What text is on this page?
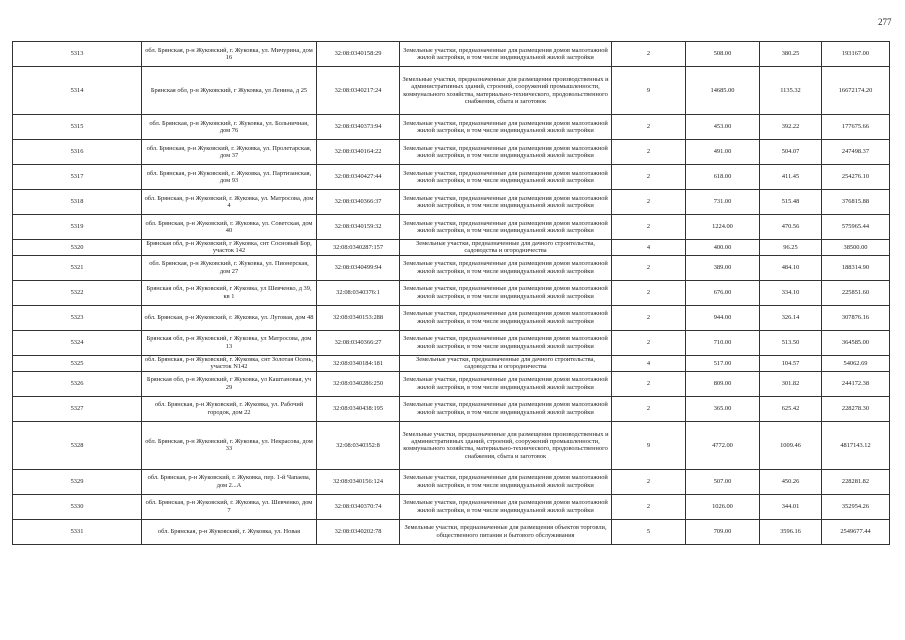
277
5313	обл. Брянская, р-н Жуковский, г. Жуковка, ул. Мичурина, дом 16	32:08:0340158:29	Земельные участки, предназначенные для размещения домов малоэтажной жилой застройки, в том числе индивидуальной жилой застройки	2	508.00	380.25	193167.00
5314	Брянская обл, р-н Жуковский, г Жуковка, ул Ленина, д 25	32:08:0340217:24	Земельные участки, предназначенные для размещения производственных и административных зданий, строений, сооружений промышленности, коммунального хозяйства, материально-технического, продовольственного снабжения, сбыта и заготовок	9	14685.00	1135.32	16672174.20
5315	обл. Брянская, р-н Жуковский, г. Жуковка, ул. Больничная, дом 76	32:08:0340373:94	Земельные участки, предназначенные для размещения домов малоэтажной жилой застройки, в том числе индивидуальной жилой застройки	2	453.00	392.22	177675.66
5316	обл. Брянская, р-н Жуковский, г. Жуковка, ул. Пролетарская, дом 37	32:08:0340164:22	Земельные участки, предназначенные для размещения домов малоэтажной жилой застройки, в том числе индивидуальной жилой застройки	2	491.00	504.07	247498.37
5317	обл. Брянская, р-н Жуковский, г. Жуковка, ул. Партизанская, дом 93	32:08:0340427:44	Земельные участки, предназначенные для размещения домов малоэтажной жилой застройки, в том числе индивидуальной жилой застройки	2	618.00	411.45	254276.10
5318	обл. Брянская, р-н Жуковский, г. Жуковка, ул. Матросова, дом 4	32:08:0340366:37	Земельные участки, предназначенные для размещения домов малоэтажной жилой застройки, в том числе индивидуальной жилой застройки	2	731.00	515.48	376815.88
5319	обл. Брянская, р-н Жуковский, г. Жуковка, ул. Советская, дом 40	32:08:0340159:32	Земельные участки, предназначенные для размещения домов малоэтажной жилой застройки, в том числе индивидуальной жилой застройки	2	1224.00	470.56	575965.44
5320	Брянская обл, р-н Жуковский, г Жуковка, снт Сосновый Бор, участок 142	32:08:0340287:157	Земельные участки, предназначенные для дачного строительства, садоводства и огородничества	4	400.00	96.25	38500.00
5321	обл. Брянская, р-н Жуковский, г. Жуковка, ул. Пионерская, дом 27	32:08:0340499:94	Земельные участки, предназначенные для размещения домов малоэтажной жилой застройки, в том числе индивидуальной жилой застройки	2	389.00	484.10	188314.90
5322	Брянская обл, р-н Жуковский, г Жуковка, ул Шевченко, д 39, кв 1	32:08:0340376:1	Земельные участки, предназначенные для размещения домов малоэтажной жилой застройки, в том числе индивидуальной жилой застройки	2	676.00	334.10	225851.60
5323	обл. Брянская, р-н Жуковский, г. Жуковка, ул. Луговая, дом 48	32:08:0340153:288	Земельные участки, предназначенные для размещения домов малоэтажной жилой застройки, в том числе индивидуальной жилой застройки	2	944.00	326.14	307876.16
5324	Брянская обл, р-н Жуковский, г Жуковка, ул Матросова, дом 13	32:08:0340366:27	Земельные участки, предназначенные для размещения домов малоэтажной жилой застройки, в том числе индивидуальной жилой застройки	2	710.00	513.50	364585.00
5325	обл. Брянская, р-н Жуковский, г. Жуковка, снт Золотая Осень, участок N142	32:08:0340184:181	Земельные участки, предназначенные для дачного строительства, садоводства и огородничества	4	517.00	104.57	54062.69
5326	Брянская обл, р-н Жуковский, г Жуковка, ул Каштановая, уч 29	32:08:0340286:250	Земельные участки, предназначенные для размещения домов малоэтажной жилой застройки, в том числе индивидуальной жилой застройки	2	809.00	301.82	244172.38
5327	обл. Брянская, р-н Жуковский, г. Жуковка, ул. Рабочий городок, дом 22	32:08:0340438:195	Земельные участки, предназначенные для размещения домов малоэтажной жилой застройки, в том числе индивидуальной жилой застройки	2	365.00	625.42	228278.30
5328	обл. Брянская, р-н Жуковский, г. Жуковка, ул. Некрасова, дом 33	32:08:0340352:8	Земельные участки, предназначенные для размещения производственных и административных зданий, строений, сооружений промышленности, коммунального хозяйства, материально-технического, продовольственного снабжения, сбыта и заготовок	9	4772.00	1009.46	4817143.12
5329	обл. Брянская, р-н Жуковский, г. Жуковка, пер. 1-й Чапаева, дом 2...А	32:08:0340156:124	Земельные участки, предназначенные для размещения домов малоэтажной жилой застройки, в том числе индивидуальной жилой застройки	2	507.00	450.26	228281.82
5330	обл. Брянская, р-н Жуковский, г. Жуковка, ул. Шевченко, дом 7	32:08:0340370:74	Земельные участки, предназначенные для размещения домов малоэтажной жилой застройки, в том числе индивидуальной жилой застройки	2	1026.00	344.01	352954.26
5331	обл. Брянская, р-н Жуковский, г. Жуковка, ул. Новая	32:08:0340202:78	Земельные участки, предназначенные для размещения объектов торговли, общественного питания и бытового обслуживания	5	709.00	3596.16	2549677.44
